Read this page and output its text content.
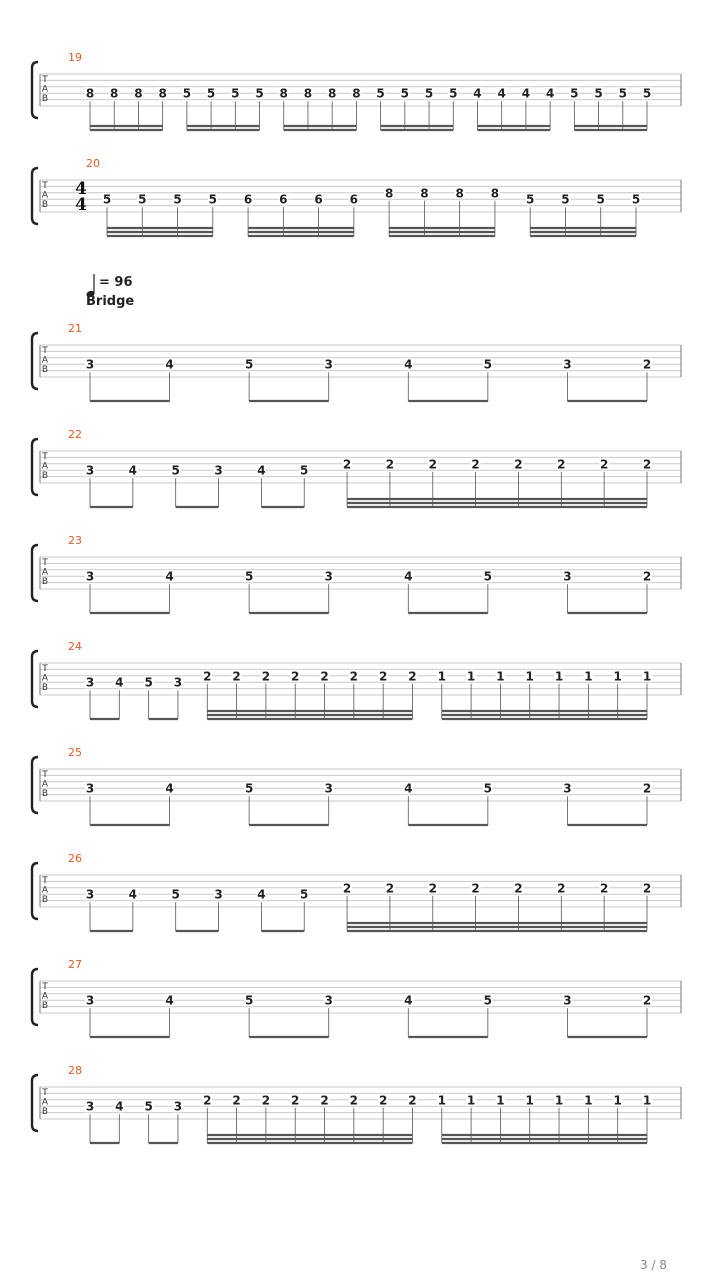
T
A
B
19
8 8 8 8 5 5 5 5 8 8 8 8 5 5 5 5 4 4 4 4 5 5 5 5
T
A
B
20
4
4 5 5 5 5 6 6 6 6 8 8 8 8 5 5 5 5
T
A
B
21
= 96
Bridge
3	4	5	3	4	5	3	2
T
A
B
22
3	4	5	3	4	5	2	2	2	2	2	2	2	2
T
A
B
23
3	4	5	3	4	5	3	2
T
A
B
24
3 4 5 3 2 2 2 2 2 2 2 2 1 1 1 1 1 1 1 1
T
A
B
25
3	4	5	3	4	5	3	2
T
A
B
26
3	4	5	3	4	5	2	2	2	2	2	2	2	2
T
A
B
27
3	4	5	3	4	5	3	2
T
A
B
28
3 4 5 3 2 2 2 2 2 2 2 2 1 1 1 1 1 1 1 1
3 / 8
